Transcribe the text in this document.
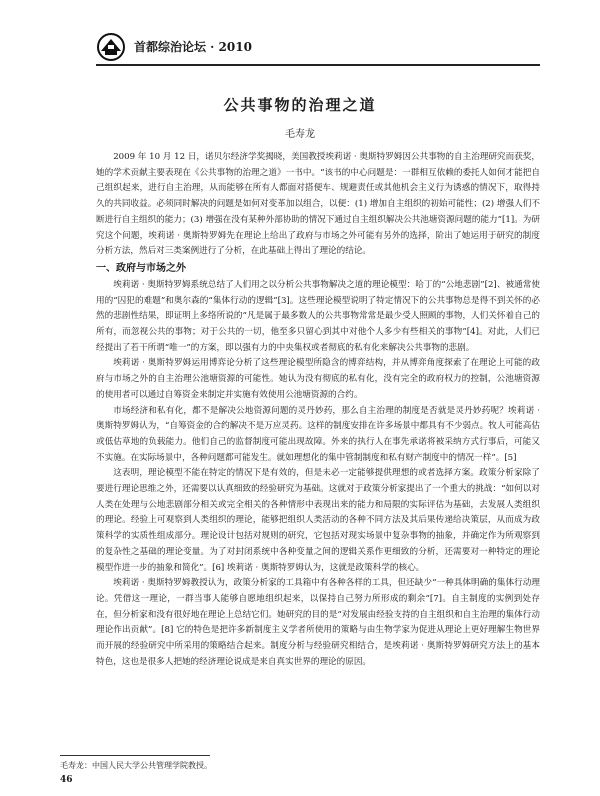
首都综治论坛 · 2010
公共事物的治理之道
毛寿龙

2009 年 10 月 12 日，诺贝尔经济学奖揭晓，美国教授埃莉诺 · 奥斯特罗姆因公共事物的自主治理研究而获奖，她的学术贡献主要表现在《公共事物的治理之道》一书中。“该书的中心问题是：一群相互依赖的委托人如何才能把自己组织起来，进行自主治理，从而能够在所有人都面对搭便车、规避责任或其他机会主义行为诱惑的情况下，取得持久的共同收益。必须同时解决的问题是如何对变革加以组合，以便：(1) 增加自主组织的初始可能性；(2) 增强人们不断进行自主组织的能力；(3) 增强在没有某种外部协助的情况下通过自主组织解决公共池塘资源问题的能力”[1]。为研究这个问题，埃莉诺 · 奥斯特罗姆先在理论上给出了政府与市场之外可能有另外的选择，阶出了她运用于研究的制度分析方法，然后对三类案例进行了分析，在此基础上得出了理论的结论。

一、政府与市场之外

埃莉诺 · 奥斯特罗姆系统总结了人们用之以分析公共事物解决之道的理论模型：哈丁的“公地悲剧”[2]、被通常使用的“囚犯的难题”和奥尔森的“集体行动的逻辑”[3]。这些理论模型说明了特定情况下的公共事物总是得不到关怀的必然的悲剧性结果，即证明上多络所说的“凡是属于最多数人的公共事物常常是最少受人照顾的事物，人们关怀着自己的所有，而忽视公共的事物；对于公共的一切，他至多只留心到其中对他个人多少有些相关的事物”[4]。对此，人们已经提出了若干所谓“唯一”的方案，即以强有力的中央集权或者彻底的私有化来解决公共事物的悲剧。

埃莉诺 · 奥斯特罗姆运用博弈论分析了这些理论模型所隐含的博弈结构，并从博弈角度探索了在理论上可能的政府与市场之外的自主治理公池塘资源的可能性。她认为没有彻底的私有化，没有完全的政府权力的控制，公池塘资源的使用者可以通过自筹资金来制定并实施有效使用公池塘资源的合约。

市场经济和私有化，都不是解决公地资源问题的灵丹妙药，那么自主治理的制度是否就是灵丹妙药呢？埃莉诺 · 奥斯特罗姆认为，“自筹资金的合约解决不是万应灵药。这样的制度安排在许多场景中都具有不少弱点。牧人可能高估或低估草地的负载能力。他们自己的监督制度可能出现故障。外来的执行人在事先承诺将被采纳方式行事后，可能又不实施。在实际场景中，各种问题都可能发生。就如理想化的集中管制制度和私有财产制度中的情况一样”。[5]

这表明，理论模型不能在特定的情况下是有效的，但是未必一定能够提供理想的或者选择方案。政策分析家除了要进行理论思维之外，还需要以认真细致的经验研究为基础。这就对于政策分析家提出了一个重大的挑战：“如何以对人类在处理与公地悲剧部分相关或完全相关的各种情形中表现出来的能力和局限的实际评估为基础，去发展人类组织的理论。经验上可观察到人类组织的理论，能够把组织人类活动的各种不同方法及其后果传递给决策层，从而成为政策科学的实质性组成部分。理论设计包括对规则的研究，它包括对现实场景中复杂事物的抽象，并确定作为所观察到的复杂性之基础的理论变量。为了对封闭系统中各种变量之间的逻辑关系作更细致的分析，还需要对一种特定的理论模型作进一步的抽象和简化”。[6] 埃莉诺 · 奥斯特罗姆认为，这就是政策科学的核心。

埃莉诺 · 奥斯特罗姆教授认为，政策分析家的工具箱中有各种各样的工具，但还缺少“一种具体明确的集体行动理论。凭借这一理论，一群当事人能够自愿地组织起来，以保持自己努力所形成的剩余”[7]。自主制度的实例到处存在，但分析家和没有很好地在理论上总结它们。她研究的目的是“对发展由经验支持的自主组织和自主治理的集体行动理论作出贡献”。[8] 它的特色是把许多新制度主义学者所使用的策略与由生物学家为促进从理论上更好理解生物世界而开展的经验研究中所采用的策略结合起来。制度分析与经验研究相结合，是埃莉诺 · 奥斯特罗姆研究方法上的基本特色，这也是很多人把她的经济理论说成是来自真实世界的理论的原因。

毛寿龙：中国人民大学公共管理学院教授。
46
